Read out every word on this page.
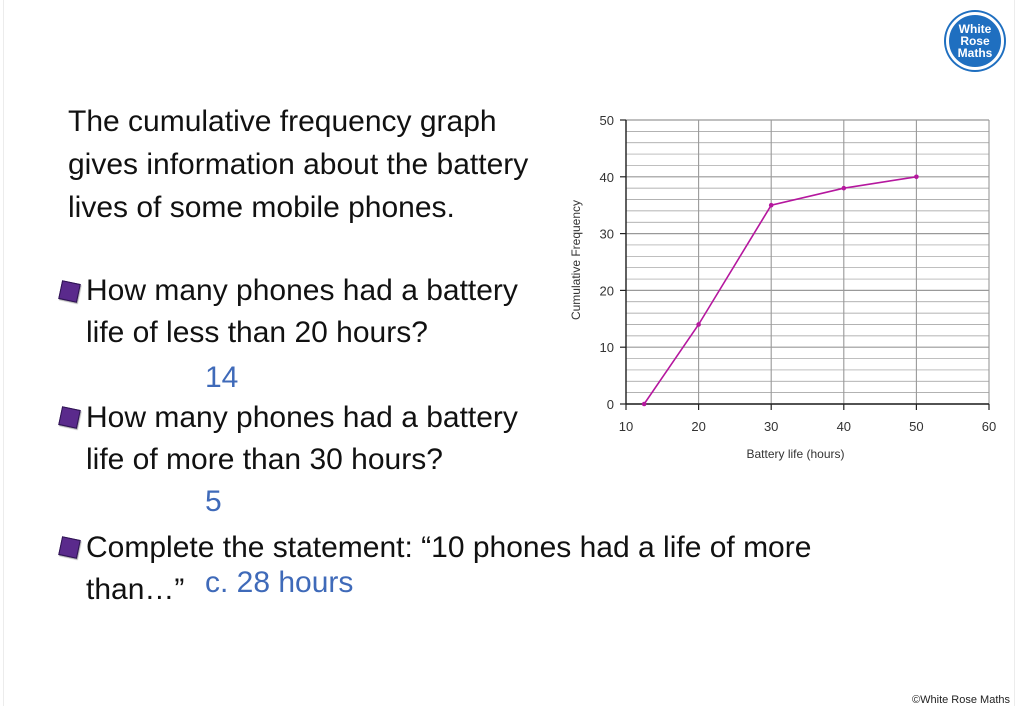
White
Rose
Maths
The cumulative frequency graph
gives information about the battery
lives of some mobile phones.
How many phones had a battery
life of less than 20 hours?
14
How many phones had a battery
life of more than 30 hours?
5
Complete the statement: “10 phones had a life of more
than…” c. 28 hours
0
10
20
30
40
50
10	20	30	40	50	60
Battery life (hours)
Cumulative Frequency
©White Rose Maths
